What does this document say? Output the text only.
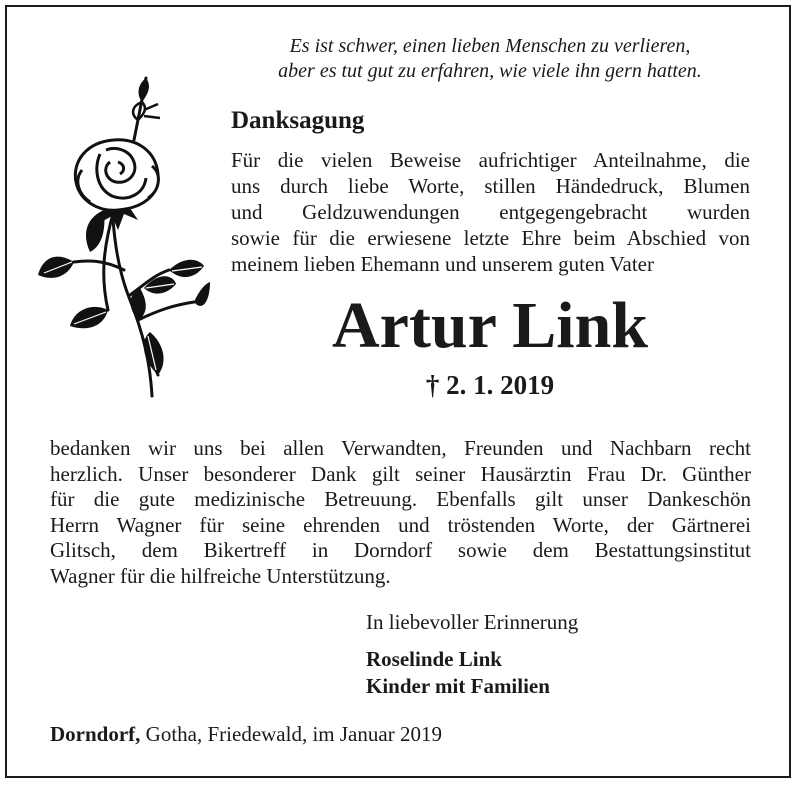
Es ist schwer, einen lieben Menschen zu verlieren,
aber es tut gut zu erfahren, wie viele ihn gern hatten.
Danksagung
Für die vielen Beweise aufrichtiger Anteilnahme, die
uns durch liebe Worte, stillen Händedruck, Blumen
und Geldzuwendungen entgegengebracht wurden
sowie für die erwiesene letzte Ehre beim Abschied von
meinem lieben Ehemann und unserem guten Vater
Artur Link
† 2. 1. 2019
bedanken wir uns bei allen Verwandten, Freunden und Nachbarn recht
herzlich. Unser besonderer Dank gilt seiner Hausärztin Frau Dr. Günther
für die gute medizinische Betreuung. Ebenfalls gilt unser Dankeschön
Herrn Wagner für seine ehrenden und tröstenden Worte, der Gärtnerei
Glitsch, dem Bikertreff in Dorndorf sowie dem Bestattungsinstitut
Wagner für die hilfreiche Unterstützung.
In liebevoller Erinnerung
Roselinde Link
Kinder mit Familien
Dorndorf, Gotha, Friedewald, im Januar 2019
